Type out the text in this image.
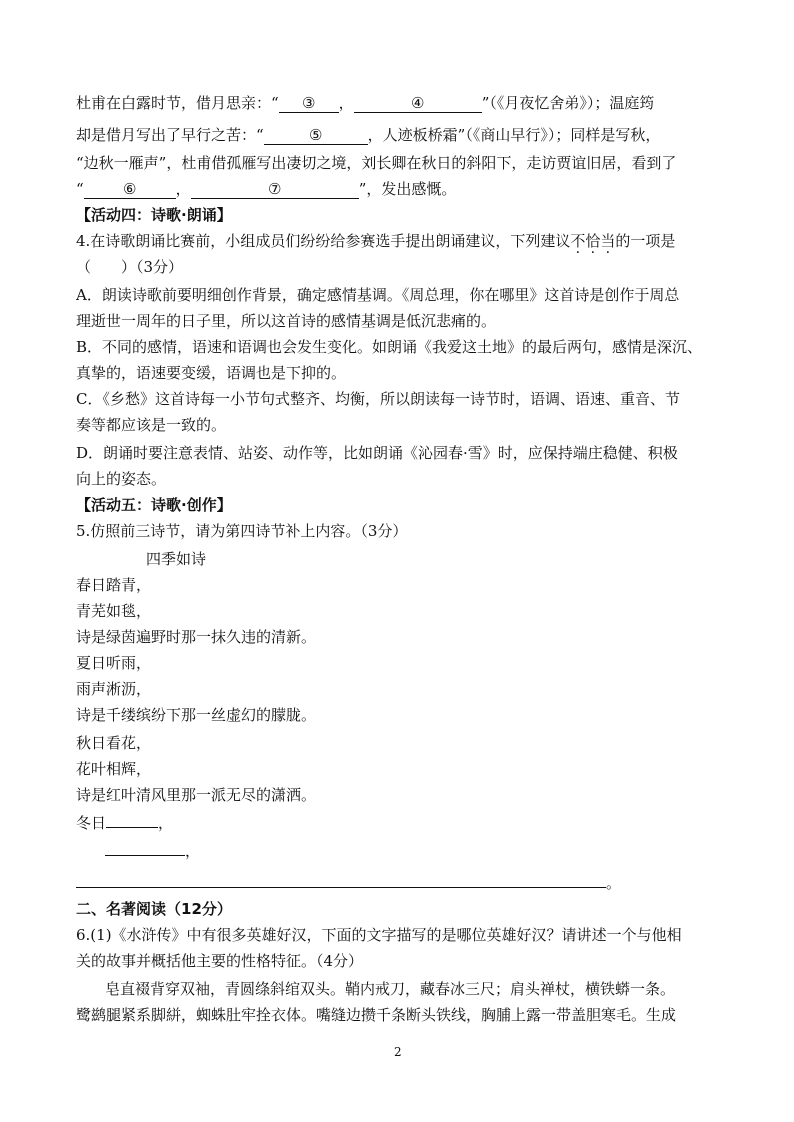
杜甫在白露时节，借月思亲：“ ③ ，	④	”（《月夜忆舍弟》）；温庭筠
却是借月写出了早行之苦：“	⑤	，人迹板桥霜”（《商山早行》）；同样是写秋，
“边秋一雁声”，杜甫借孤雁写出凄切之境，刘长卿在秋日的斜阳下，走访贾谊旧居，看到了
“	⑥	，	⑦	”，发出感慨。
【活动四：诗歌·朗诵】
4.在诗歌朗诵比赛前，小组成员们纷纷给参赛选手提出朗诵建议，下列建议不恰当的一项是
（　　）（3分）
A．朗读诗歌前要明细创作背景，确定感情基调。《周总理，你在哪里》这首诗是创作于周总
理逝世一周年的日子里，所以这首诗的感情基调是低沉悲痛的。
B．不同的感情，语速和语调也会发生变化。如朗诵《我爱这土地》的最后两句，感情是深沉、
真挚的，语速要变缓，语调也是下抑的。
C．《乡愁》这首诗每一小节句式整齐、均衡，所以朗读每一诗节时，语调、语速、重音、节
奏等都应该是一致的。
D．朗诵时要注意表情、站姿、动作等，比如朗诵《沁园春·雪》时，应保持端庄稳健、积极
向上的姿态。
【活动五：诗歌·创作】
5.仿照前三诗节，请为第四诗节补上内容。（3分）
四季如诗
春日踏青，
青芜如毯，
诗是绿茵遍野时那一抹久违的清新。
夏日听雨，
雨声淅沥，
诗是千缕缤纷下那一丝虚幻的朦胧。
秋日看花，
花叶相辉，
诗是红叶清风里那一派无尽的潇洒。
冬日	，
，
。
二、名著阅读（12分）
6.(1)《水浒传》中有很多英雄好汉，下面的文字描写的是哪位英雄好汉？请讲述一个与他相
关的故事并概括他主要的性格特征。（4分）
皂直裰背穿双袖，青圆绦斜绾双头。鞘内戒刀，藏春冰三尺；肩头禅杖，横铁蟒一条。
鹭鹚腿紧系脚絣，蜘蛛肚牢拴衣体。嘴缝边攒千条断头铁线，胸脯上露一带盖胆寒毛。生成
2
